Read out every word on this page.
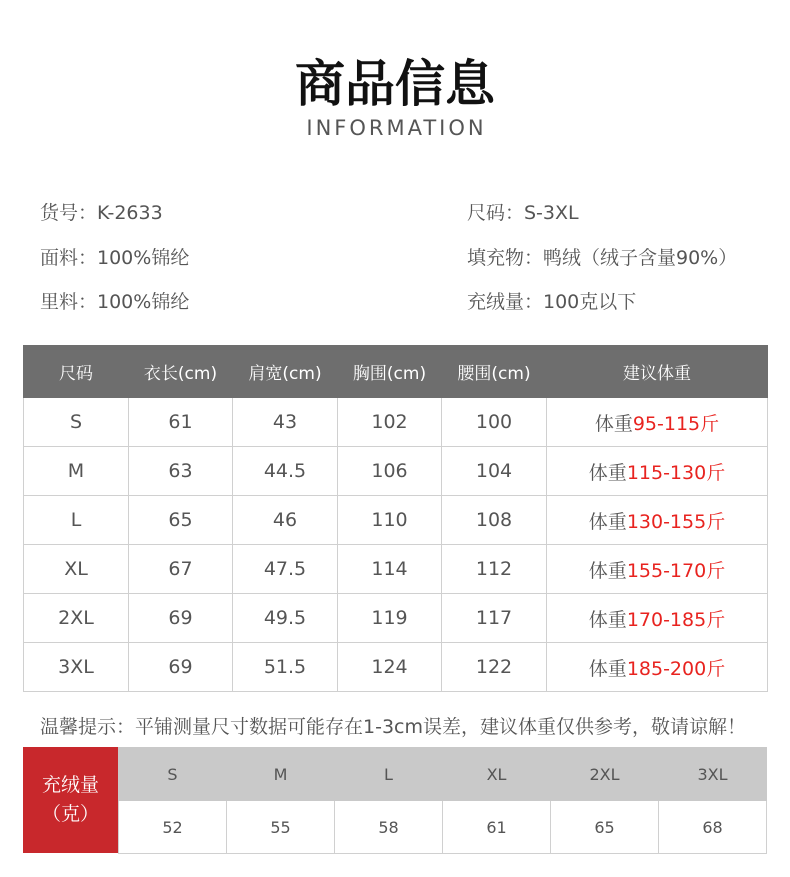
商品信息
INFORMATION
货号：K-2633	尺码：S-3XL
面料：100%锦纶	填充物：鸭绒（绒子含量90%）
里料：100%锦纶	充绒量：100克以下
尺码	衣长(cm)	肩宽(cm)	胸围(cm)	腰围(cm)	建议体重
S	61	43	102	100	体重95-115斤
M	63	44.5	106	104	体重115-130斤
L	65	46	110	108	体重130-155斤
XL	67	47.5	114	112	体重155-170斤
2XL	69	49.5	119	117	体重170-185斤
3XL	69	51.5	124	122	体重185-200斤
温馨提示：平铺测量尺寸数据可能存在1-3cm误差，建议体重仅供参考，敬请谅解！
充绒量
（克）
S	M	L	XL	2XL	3XL
52	55	58	61	65	68
